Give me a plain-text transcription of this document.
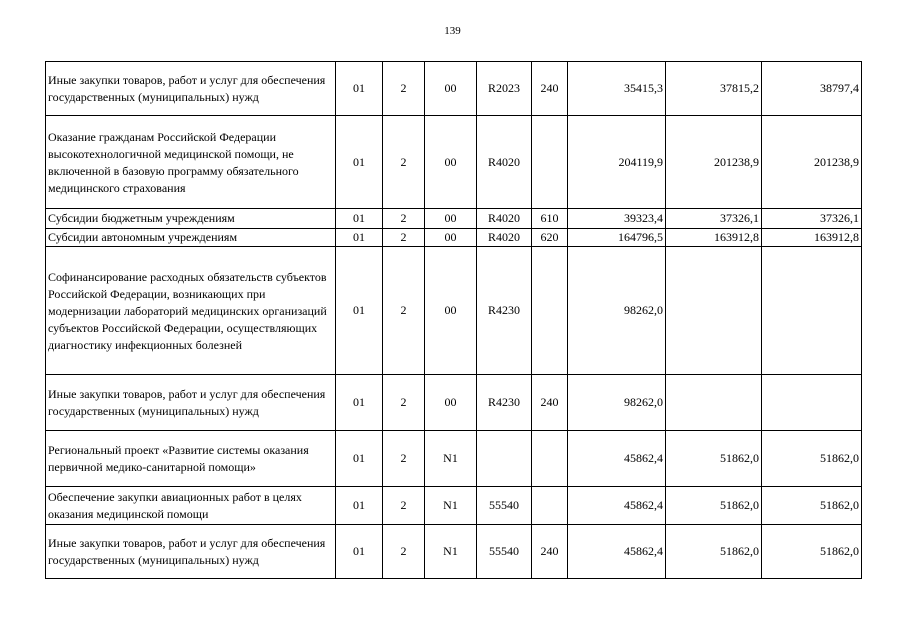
139
Иные закупки товаров, работ и услуг для обеспечения государственных (муниципальных) нужд	01	2	00	R2023	240	35415,3	37815,2	38797,4
Оказание гражданам Российской Федерации высокотехнологичной медицинской помощи, не включенной в базовую программу обязательного медицинского страхования	01	2	00	R4020		204119,9	201238,9	201238,9
Субсидии бюджетным учреждениям	01	2	00	R4020	610	39323,4	37326,1	37326,1
Субсидии автономным учреждениям	01	2	00	R4020	620	164796,5	163912,8	163912,8
Софинансирование расходных обязательств субъектов Российской Федерации, возникающих при модернизации лабораторий медицинских организаций субъектов Российской Федерации, осуществляющих диагностику инфекционных болезней	01	2	00	R4230		98262,0		
Иные закупки товаров, работ и услуг для обеспечения государственных (муниципальных) нужд	01	2	00	R4230	240	98262,0		
Региональный проект «Развитие системы оказания первичной медико-санитарной помощи»	01	2	N1			45862,4	51862,0	51862,0
Обеспечение закупки авиационных работ в целях оказания медицинской помощи	01	2	N1	55540		45862,4	51862,0	51862,0
Иные закупки товаров, работ и услуг для обеспечения государственных (муниципальных) нужд	01	2	N1	55540	240	45862,4	51862,0	51862,0
